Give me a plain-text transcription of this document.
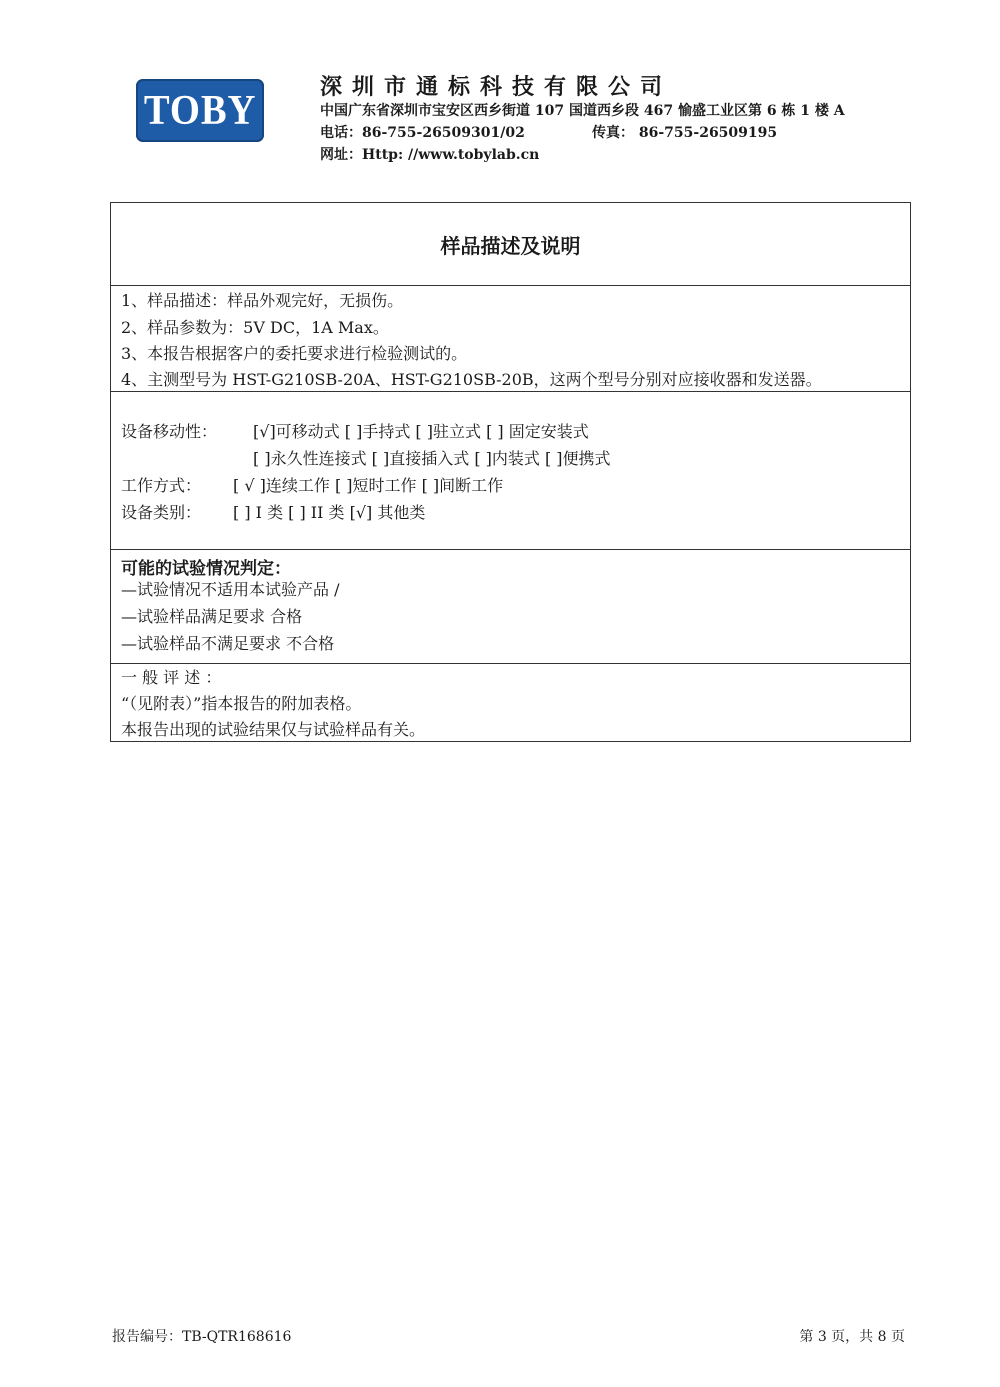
TOBY	深圳市通标科技有限公司
中国广东省深圳市宝安区西乡街道 107 国道西乡段 467 愉盛工业区第 6 栋 1 楼 A
电话：86-755-26509301/02	传真： 86-755-26509195
网址：Http: //www.tobylab.cn
样品描述及说明
1、样品描述：样品外观完好，无损伤。
2、样品参数为：5V DC，1A Max。
3、本报告根据客户的委托要求进行检验测试的。
4、主测型号为 HST-G210SB-20A、HST-G210SB-20B，这两个型号分别对应接收器和发送器。
设备移动性： [√]可移动式 [ ]手持式 [ ]驻立式 [ ] 固定安装式
[ ]永久性连接式 [ ]直接插入式 [ ]内装式 [ ]便携式
工作方式： [ √ ]连续工作 [ ]短时工作 [ ]间断工作
设备类别： [ ] I 类 [ ] II 类 [√] 其他类
可能的试验情况判定：
—试验情况不适用本试验产品 /
—试验样品满足要求 合格
—试验样品不满足要求 不合格
一 般 评 述 ：
“（见附表）”指本报告的附加表格。
本报告出现的试验结果仅与试验样品有关。
报告编号：TB-QTR168616	第 3 页，共 8 页
